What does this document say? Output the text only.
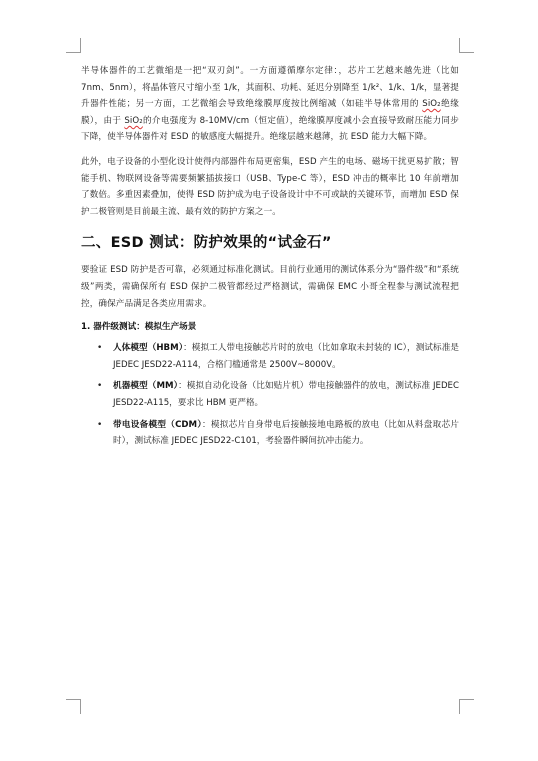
半导体器件的工艺微缩是一把“双刃剑”。一方面遵循摩尔定律：，芯片工艺越来越先进（比如 7nm、5nm），将晶体管尺寸缩小至 1/k，其面积、功耗、延迟分别降至 1/k²、1/k、1/k，显著提升器件性能；另一方面，工艺微缩会导致绝缘膜厚度按比例缩减（如硅半导体常用的 SiO₂绝缘膜），由于 SiO₂的介电强度为 8-10MV/cm（恒定值），绝缘膜厚度减小会直接导致耐压能力同步下降，使半导体器件对 ESD 的敏感度大幅提升。绝缘层越来越薄，抗 ESD 能力大幅下降。

此外，电子设备的小型化设计使得内部器件布局更密集，ESD 产生的电场、磁场干扰更易扩散；智能手机、物联网设备等需要频繁插拔接口（USB、Type-C 等），ESD 冲击的概率比 10 年前增加了数倍。多重因素叠加，使得 ESD 防护成为电子设备设计中不可或缺的关键环节，而增加 ESD 保护二极管则是目前最主流、最有效的防护方案之一。

二、ESD 测试：防护效果的“试金石”

要验证 ESD 防护是否可靠，必须通过标准化测试。目前行业通用的测试体系分为“器件级”和“系统级”两类，需确保所有 ESD 保护二极管都经过严格测试，需确保 EMC 小哥全程参与测试流程把控，确保产品满足各类应用需求。

1. 器件级测试：模拟生产场景
• 人体模型（HBM）：模拟工人带电接触芯片时的放电（比如拿取未封装的 IC），测试标准是 JEDEC JESD22-A114，合格门槛通常是 2500V~8000V。
• 机器模型（MM）：模拟自动化设备（比如贴片机）带电接触器件的放电，测试标准 JEDEC JESD22-A115，要求比 HBM 更严格。
• 带电设备模型（CDM）：模拟芯片自身带电后接触接地电路板的放电（比如从料盘取芯片时），测试标准 JEDEC JESD22-C101，考验器件瞬间抗冲击能力。
